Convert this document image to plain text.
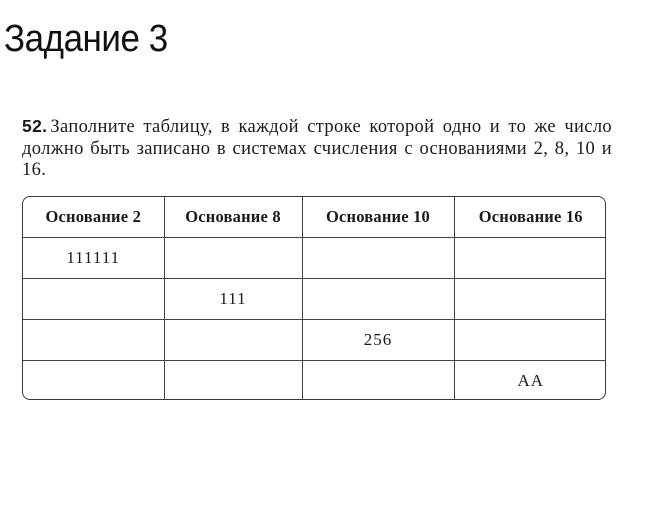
Задание 3
52. Заполните таблицу, в каждой строке которой одно и то же число должно быть записано в системах счисления с основаниями 2, 8, 10 и 16.
Основание 2	Основание 8	Основание 10	Основание 16
111111			
	111		
		256	
			AA
